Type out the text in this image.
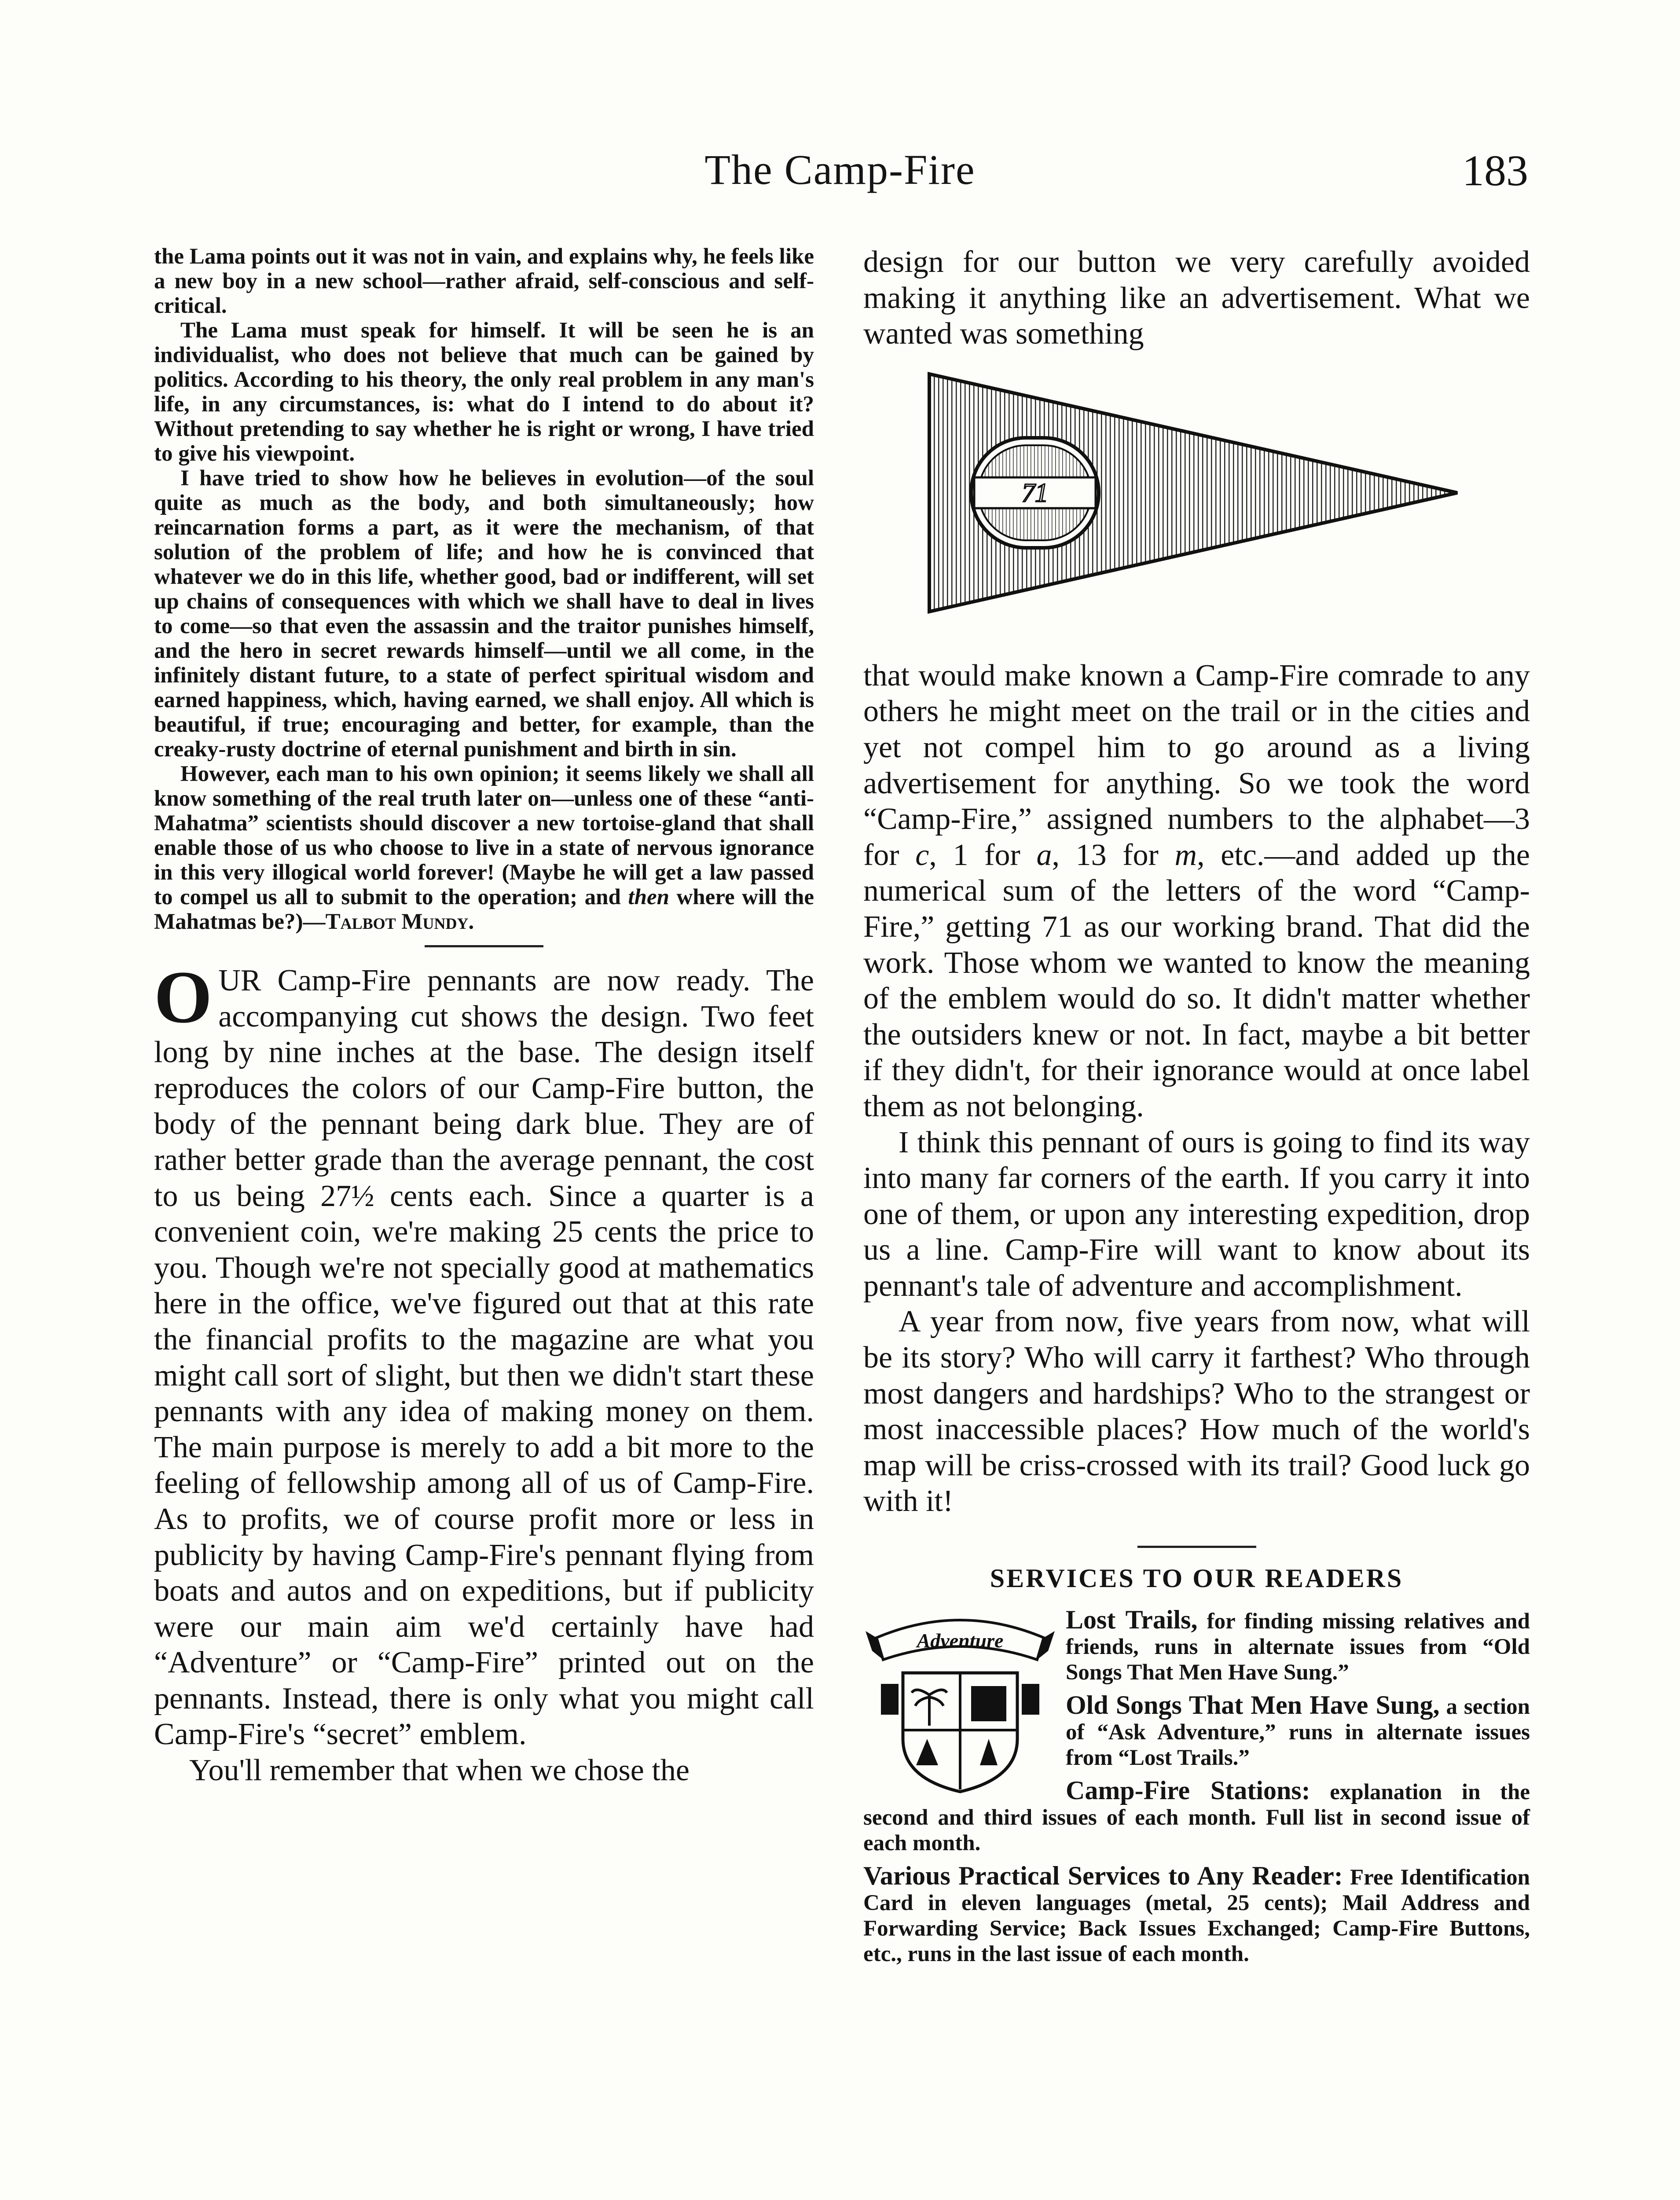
The Camp-Fire	183

the Lama points out it was not in vain, and explains why, he feels like a new boy in a new school—rather afraid, self-conscious and self-critical.

The Lama must speak for himself. It will be seen he is an individualist, who does not believe that much can be gained by politics. According to his theory, the only real problem in any man's life, in any circumstances, is: what do I intend to do about it? Without pretending to say whether he is right or wrong, I have tried to give his viewpoint.

I have tried to show how he believes in evolution—of the soul quite as much as the body, and both simultaneously; how reincarnation forms a part, as it were the mechanism, of that solution of the problem of life; and how he is convinced that whatever we do in this life, whether good, bad or indifferent, will set up chains of consequences with which we shall have to deal in lives to come—so that even the assassin and the traitor punishes himself, and the hero in secret rewards himself—until we all come, in the infinitely distant future, to a state of perfect spiritual wisdom and earned happiness, which, having earned, we shall enjoy. All which is beautiful, if true; encouraging and better, for example, than the creaky-rusty doctrine of eternal punishment and birth in sin.

However, each man to his own opinion; it seems likely we shall all know something of the real truth later on—unless one of these “anti-Mahatma” scientists should discover a new tortoise-gland that shall enable those of us who choose to live in a state of nervous ignorance in this very illogical world forever! (Maybe he will get a law passed to compel us all to submit to the operation; and then where will the Mahatmas be?)—Talbot Mundy.

OUR Camp-Fire pennants are now ready. The accompanying cut shows the design. Two feet long by nine inches at the base. The design itself reproduces the colors of our Camp-Fire button, the body of the pennant being dark blue. They are of rather better grade than the average pennant, the cost to us being 27½ cents each. Since a quarter is a convenient coin, we're making 25 cents the price to you. Though we're not specially good at mathematics here in the office, we've figured out that at this rate the financial profits to the magazine are what you might call sort of slight, but then we didn't start these pennants with any idea of making money on them. The main purpose is merely to add a bit more to the feeling of fellowship among all of us of Camp-Fire. As to profits, we of course profit more or less in publicity by having Camp-Fire's pennant flying from boats and autos and on expeditions, but if publicity were our main aim we'd certainly have had “Adventure” or “Camp-Fire” printed out on the pennants. Instead, there is only what you might call Camp-Fire's “secret” emblem.

You'll remember that when we chose the

design for our button we very carefully avoided making it anything like an advertisement. What we wanted was something

71

that would make known a Camp-Fire comrade to any others he might meet on the trail or in the cities and yet not compel him to go around as a living advertisement for anything. So we took the word “Camp-Fire,” assigned numbers to the alphabet—3 for c, 1 for a, 13 for m, etc.—and added up the numerical sum of the letters of the word “Camp-Fire,” getting 71 as our working brand. That did the work. Those whom we wanted to know the meaning of the emblem would do so. It didn't matter whether the outsiders knew or not. In fact, maybe a bit better if they didn't, for their ignorance would at once label them as not belonging.

I think this pennant of ours is going to find its way into many far corners of the earth. If you carry it into one of them, or upon any interesting expedition, drop us a line. Camp-Fire will want to know about its pennant's tale of adventure and accomplishment.

A year from now, five years from now, what will be its story? Who will carry it farthest? Who through most dangers and hardships? Who to the strangest or most inaccessible places? How much of the world's map will be criss-crossed with its trail? Good luck go with it!

SERVICES TO OUR READERS
Adventure

Lost Trails, for finding missing relatives and friends, runs in alternate issues from “Old Songs That Men Have Sung.”

Old Songs That Men Have Sung, a section of “Ask Adventure,” runs in alternate issues from “Lost Trails.”

Camp-Fire Stations: explanation in the second and third issues of each month. Full list in second issue of each month.

Various Practical Services to Any Reader: Free Identification Card in eleven languages (metal, 25 cents); Mail Address and Forwarding Service; Back Issues Exchanged; Camp-Fire Buttons, etc., runs in the last issue of each month.
